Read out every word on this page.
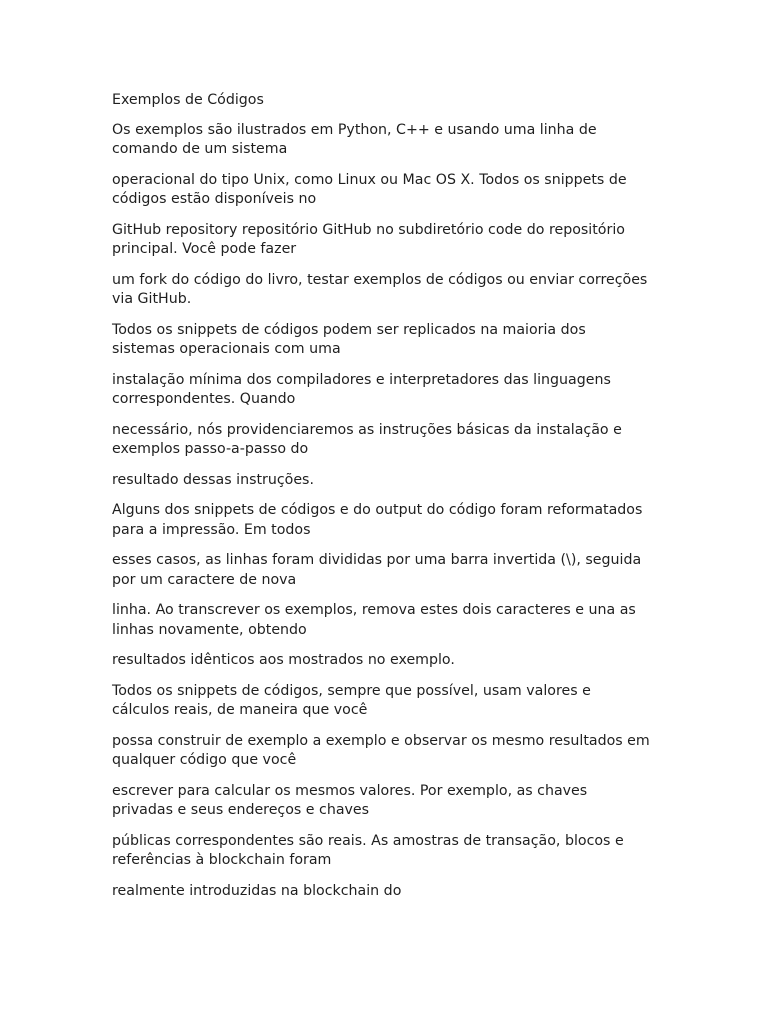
Exemplos de Códigos

Os exemplos são ilustrados em Python, C++ e usando uma linha de comando de um sistema

operacional do tipo Unix, como Linux ou Mac OS X. Todos os snippets de códigos estão disponíveis no

GitHub repository repositório GitHub no subdiretório code do repositório principal. Você pode fazer

um fork do código do livro, testar exemplos de códigos ou enviar correções via GitHub.

Todos os snippets de códigos podem ser replicados na maioria dos sistemas operacionais com uma

instalação mínima dos compiladores e interpretadores das linguagens correspondentes. Quando

necessário, nós providenciaremos as instruções básicas da instalação e exemplos passo-a-passo do

resultado dessas instruções.

Alguns dos snippets de códigos e do output do código foram reformatados para a impressão. Em todos

esses casos, as linhas foram divididas por uma barra invertida (\), seguida por um caractere de nova

linha. Ao transcrever os exemplos, remova estes dois caracteres e una as linhas novamente, obtendo

resultados idênticos aos mostrados no exemplo.

Todos os snippets de códigos, sempre que possível, usam valores e cálculos reais, de maneira que você

possa construir de exemplo a exemplo e observar os mesmo resultados em qualquer código que você

escrever para calcular os mesmos valores. Por exemplo, as chaves privadas e seus endereços e chaves

públicas correspondentes são reais. As amostras de transação, blocos e referências à blockchain foram

realmente introduzidas na blockchain do
